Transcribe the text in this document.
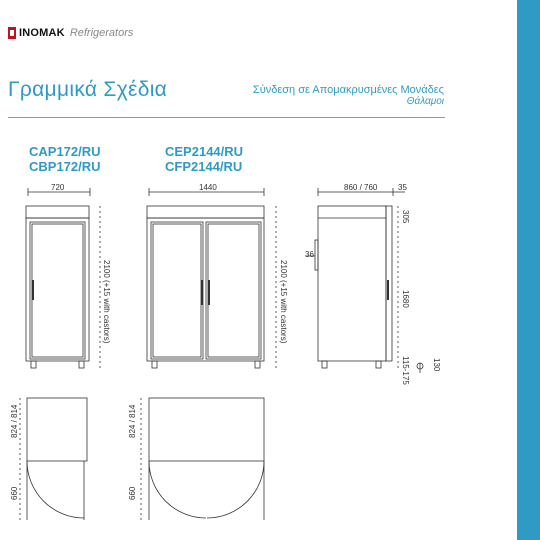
INOMAK Refrigerators
Γραμμικά Σχέδια	Σύνδεση σε Απομακρυσμένες Μονάδες
Θάλαμοι
CAP172/RU
CBP172/RU
CEP2144/RU
CFP2144/RU
720	1440	860 / 760	35
2100 (+15 with castors)	2100 (+15 with castors)
305
36
1680
115-175	130
824 / 814
660
824 / 814
660
